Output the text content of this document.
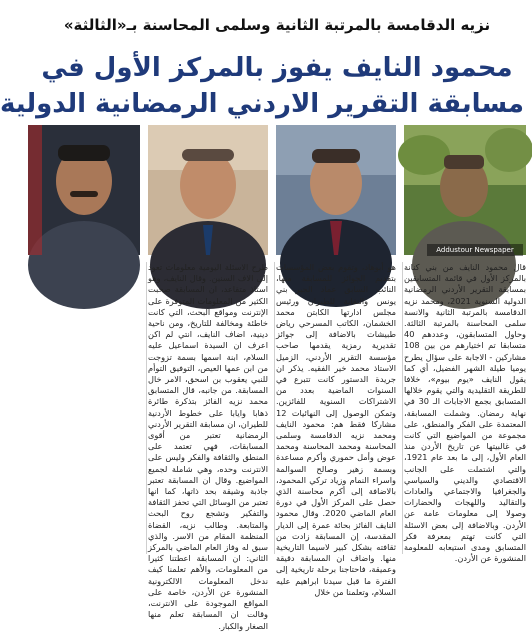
نزيه الدقامسة بالمرتبة الثانية وسلمى المحاسنة بـ«الثالثة»
محمود النايف يفوز بالمركز الأول في
مسابقة التقرير الاردني الرمضانية الدولية
Addustour Newspaper

قال محمود النايف من بني كنانة بالمركز الأول في قائمة المتسابقين بمسابقة التقرير الأردني الرمضانية الدولية السنوية 2021، ومحمد نزيه الدقامسة بالمرتبة الثانية والانسة سلمى المحاسنة بالمرتبة الثالثة. وحاول المتسابقون، وعددهم 40 متسابقا تم اختيارهم من بين 108 مشاركين - الاجابة على سؤال يطرح يوميا طيلة الشهر الفضيل، أي كما يقول النايف «يوم بيوم»، خلافا للطريقة التقليدية والتي يقوم خلالها المتسابق بجمع الاجابات الـ 30 في نهاية رمضان. وشملت المسابقة، المعتمدة على الفكر والمنطق، على مجموعة من المواضيع التي كانت في غالبيتها عن تاريخ الأردن منذ العام الأول، إلى ما بعد عام 1921، والتي اشتملت على الجانب الاقتصادي والديني والسياسي والجغرافيا والاجتماعي والعادات والتقاليد واللهجات والحضارات وصولا إلى معلومات عامة عن الأردن. وبالاضافة إلى بعض الاسئلة التي كانت تهتم بمعرفة فكر المتسابق ومدى استيعابه للمعلومة المنشورة عن الأردن.

هو أبوهاد، وتقوم بعض المؤسسات بتقديم الجوائز للمسابقة منها، النائب السابق عماد الجبر بني يونس والنقابة للطيران ورئيس مجلس ادارتها الكابتن محمد الخشمان، الكاتب المسرحي رياض طبيشات بالاضافة إلى جوائز تقديرية رمزية يقدمها صاحب مؤسسة التقرير الأردني، الزميل الاستاذ محمد خير الفقيه. يذكر ان جريدة الدستور كانت تتبرع في السنوات الماضية بعدد من الاشتراكات السنوية للفائزين. وتمكن الوصول إلى النهائيات 12 مشاركا فقط هم: محمود النايف ومحمد نزيه الدقامسة وسلمى المحاسنة ومحمد المحاسنة ومحمد عوض وأمل حموري وأكرم مساعدة وبسمة زهير وصالح السوالمة واسراء النمام وزياد تركي المحمود، بالاضافة إلى أكرم محاسنة الذي حصل على المركز الأول في دورة العام الماضي 2020. وقال محمود النايف الفائز بحائة عمرة إلى الديار المقدسة، إن المسابقة زادت من ثقافته بشكل كبير لاسيما التاريخية منها. واضاف ان المسابقة دقيقة وعميقة، فاحتاجنا برحلة تاريخية إلى الفترة ما قبل سيدنا ابراهيم عليه السلام، وتعلمنا من خلال

طرح الاسئلة اليومية معلومات تعود إلى الاف السنين. وقال النايف، وهو استاذ متقاعد، ان المسابقة صحبت الكثير من المعلومات المتوفرة على الإنترنت ومواقع البحث، التي كانت خاطئة ومخالفة للتاريخ، ومن ناحية دينية، اضاف النايف، انتي لم اكن اعرف ان السيدة اسماعيل عليه السلام، ابنة اسمها بسمة تزوجت من ابن عمها العيص، التوفيق التوأم للنبي يعقوب بن اسحق، الامر خال المسابقة. من جانبه، قال المتسابق محمد نزيه الفائز بتذكرة طائرة ذهابا وايابا على خطوط الأردنية للطيران، ان مسابقة التقرير الأردني الرمضانية تعتبر من أقوى المسابقات، فهي تعتمد على المنطق والثقافة والفكر وليس على الانترنت وحده، وهي شاملة لجميع المواضيع. وقال ان المسابقة تعتبر جاذبة وشيقة بحد ذاتها، كما انها تعتبر من الوسائل التي تحفز الثقافة والتفكير وتشجع روح البحث والمتابعة. وطالب نزيه، القضاة المنظمة المقام من الاسر. والذي سبق له وفاز العام الماضي بالمركز الثاني: ان المسابقة اعطتنا كثيرا من المعلومات، والأهم تعلمنا كيف ندخل المعلومات الالكترونية المنشورة عن الأردن، خاصة على المواقع الموجودة على الانترنت، وقالت ان المسابقة تعلم منها الصغار والكبار.
